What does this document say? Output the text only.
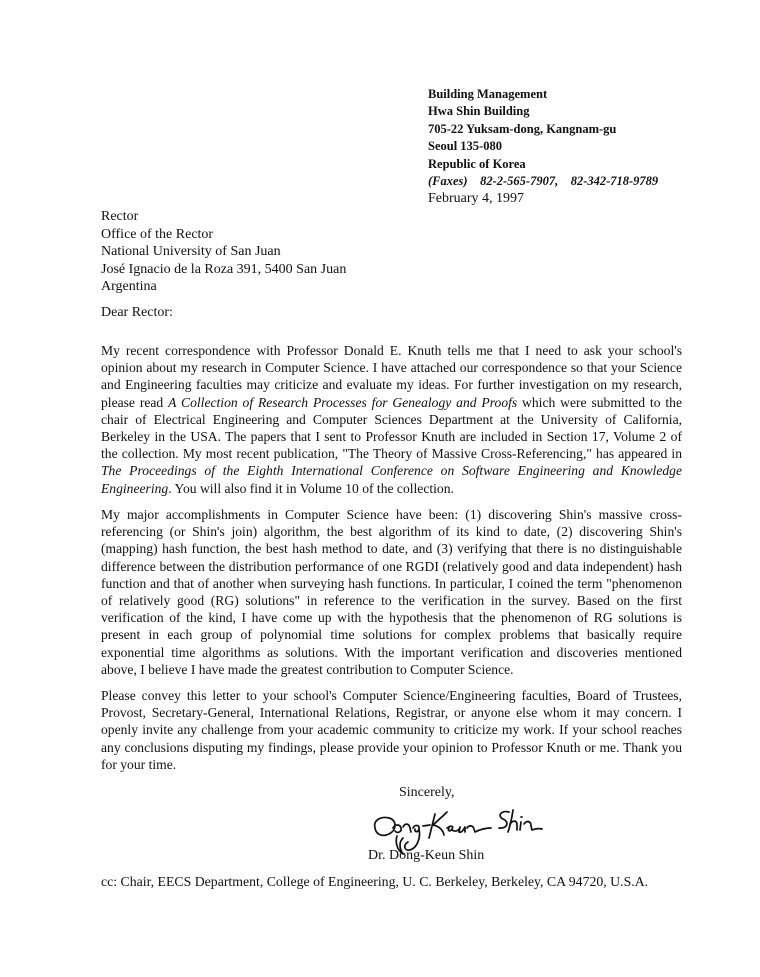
Building Management
Hwa Shin Building
705-22 Yuksam-dong, Kangnam-gu
Seoul 135-080
Republic of Korea
(Faxes)    82-2-565-7907,    82-342-718-9789
February 4, 1997
Rector
Office of the Rector
National University of San Juan
José Ignacio de la Roza 391, 5400 San Juan
Argentina
Dear Rector:

My recent correspondence with Professor Donald E. Knuth tells me that I need to ask your school's opinion about my research in Computer Science. I have attached our correspondence so that your Science and Engineering faculties may criticize and evaluate my ideas. For further investigation on my research, please read A Collection of Research Processes for Genealogy and Proofs which were submitted to the chair of Electrical Engineering and Computer Sciences Department at the University of California, Berkeley in the USA. The papers that I sent to Professor Knuth are included in Section 17, Volume 2 of the collection. My most recent publication, "The Theory of Massive Cross-Referencing," has appeared in The Proceedings of the Eighth International Conference on Software Engineering and Knowledge Engineering. You will also find it in Volume 10 of the collection.

My major accomplishments in Computer Science have been: (1) discovering Shin's massive cross-referencing (or Shin's join) algorithm, the best algorithm of its kind to date, (2) discovering Shin's (mapping) hash function, the best hash method to date, and (3) verifying that there is no distinguishable difference between the distribution performance of one RGDI (relatively good and data independent) hash function and that of another when surveying hash functions. In particular, I coined the term "phenomenon of relatively good (RG) solutions" in reference to the verification in the survey. Based on the first verification of the kind, I have come up with the hypothesis that the phenomenon of RG solutions is present in each group of polynomial time solutions for complex problems that basically require exponential time algorithms as solutions. With the important verification and discoveries mentioned above, I believe I have made the greatest contribution to Computer Science.

Please convey this letter to your school's Computer Science/Engineering faculties, Board of Trustees, Provost, Secretary-General, International Relations, Registrar, or anyone else whom it may concern. I openly invite any challenge from your academic community to criticize my work. If your school reaches any conclusions disputing my findings, please provide your opinion to Professor Knuth or me. Thank you for your time.

Sincerely,
Dr. Dong-Keun Shin
cc: Chair, EECS Department, College of Engineering, U. C. Berkeley, Berkeley, CA 94720, U.S.A.
